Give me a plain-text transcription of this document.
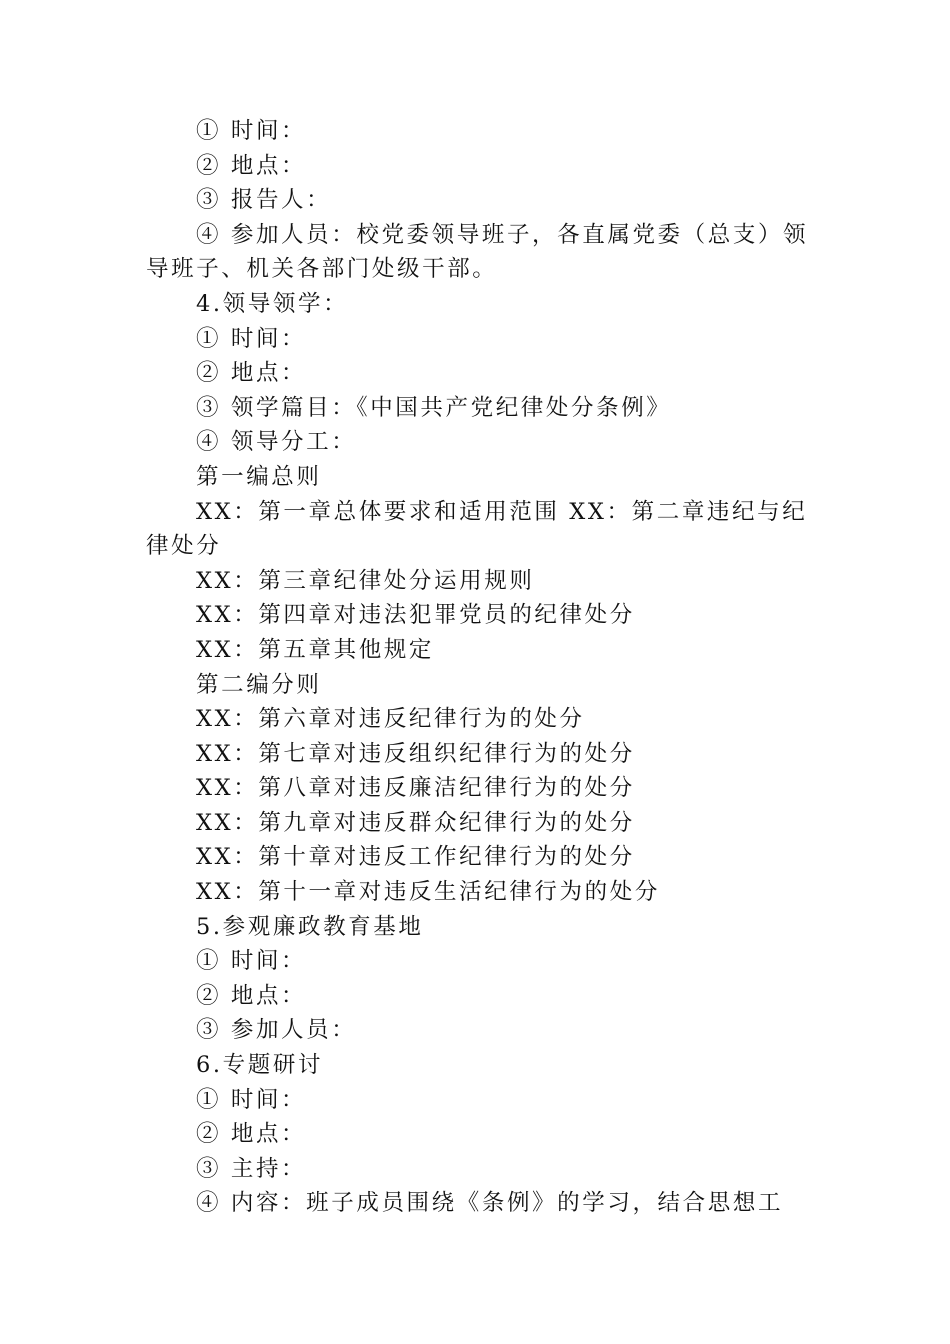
① 时间：

② 地点：

③ 报告人：

④ 参加人员：校党委领导班子，各直属党委（总支）领导班子、机关各部门处级干部。

4.领导领学：

① 时间：

② 地点：

③ 领学篇目：《中国共产党纪律处分条例》

④ 领导分工：

第一编总则

XX：第一章总体要求和适用范围 XX：第二章违纪与纪律处分

XX：第三章纪律处分运用规则

XX：第四章对违法犯罪党员的纪律处分

XX：第五章其他规定

第二编分则

XX：第六章对违反纪律行为的处分

XX：第七章对违反组织纪律行为的处分

XX：第八章对违反廉洁纪律行为的处分

XX：第九章对违反群众纪律行为的处分

XX：第十章对违反工作纪律行为的处分

XX：第十一章对违反生活纪律行为的处分

5.参观廉政教育基地

① 时间：

② 地点：

③ 参加人员：

6.专题研讨

① 时间：

② 地点：

③ 主持：

④ 内容：班子成员围绕《条例》的学习，结合思想工
